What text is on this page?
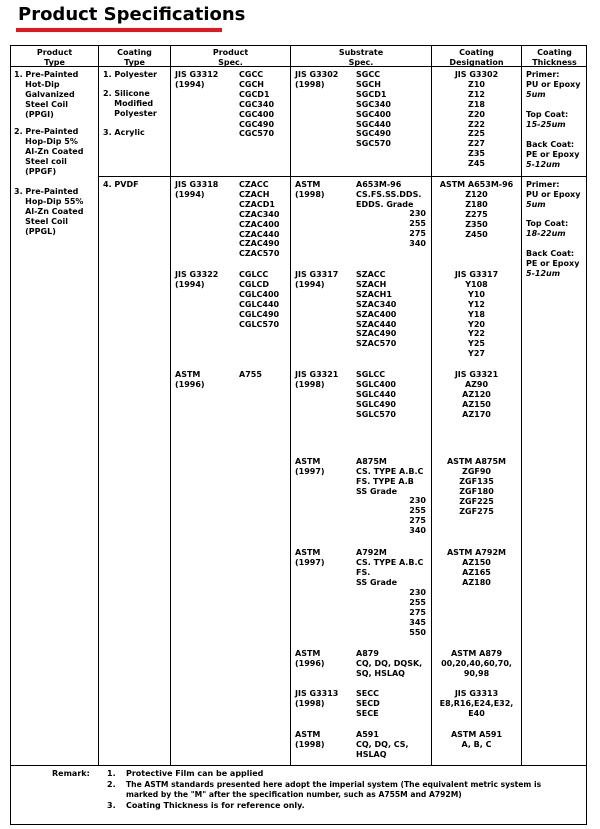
Product Specifications
Product
Type
Coating
Type
Product
Spec.
Substrate
Spec.
Coating
Designation
Coating
Thickness
1. Pre-Painted
Hot-Dip
Galvanized
Steel Coil
(PPGI)
2. Pre-Painted
Hop-Dip 5%
Al-Zn Coated
Steel coil
(PPGF)
3. Pre-Painted
Hop-Dip 55%
Al-Zn Coated
Steel Coil
(PPGL)
1. Polyester
2. Silicone
Modified
Polyester
3. Acrylic
4. PVDF
JIS G3312
(1994)
CGCC
CGCH
CGCD1
CGC340
CGC400
CGC490
CGC570
JIS G3318
(1994)
CZACC
CZACH
CZACD1
CZAC340
CZAC400
CZAC440
CZAC490
CZAC570
JIS G3322
(1994)
CGLCC
CGLCD
CGLC400
CGLC440
CGLC490
CGLC570
ASTM
(1996)
A755
JIS G3302
(1998)
SGCC
SGCH
SGCD1
SGC340
SGC400
SGC440
SGC490
SGC570
ASTM
(1998)
A653M-96
CS.FS.SS.DDS.
EDDS. Grade
230
255
275
340
JIS G3317
(1994)
SZACC
SZACH
SZACH1
SZAC340
SZAC400
SZAC440
SZAC490
SZAC570
JIS G3321
(1998)
SGLCC
SGLC400
SGLC440
SGLC490
SGLC570
ASTM
(1997)
A875M
CS. TYPE A.B.C
FS. TYPE A.B
SS Grade
230
255
275
340
ASTM
(1997)
A792M
CS. TYPE A.B.C
FS.
SS Grade
230
255
275
345
550
ASTM
(1996)
A879
CQ, DQ, DQSK,
SQ, HSLAQ
JIS G3313
(1998)
SECC
SECD
SECE
ASTM
(1998)
A591
CQ, DQ, CS,
HSLAQ
JIS G3302
Z10
Z12
Z18
Z20
Z22
Z25
Z27
Z35
Z45
ASTM A653M-96
Z120
Z180
Z275
Z350
Z450
JIS G3317
Y108
Y10
Y12
Y18
Y20
Y22
Y25
Y27
JIS G3321
AZ90
AZ120
AZ150
AZ170
ASTM A875M
ZGF90
ZGF135
ZGF180
ZGF225
ZGF275
ASTM A792M
AZ150
AZ165
AZ180
ASTM A879
00,20,40,60,70,
90,98
JIS G3313
E8,R16,E24,E32,
E40
ASTM A591
A, B, C
Primer:
PU or Epoxy
5um
Top Coat:
15-25um
Back Coat:
PE or Epoxy
5-12um
Primer:
PU or Epoxy
5um
Top Coat:
18-22um
Back Coat:
PE or Epoxy
5-12um
Remark: 1. Protective Film can be applied
2. The ASTM standards presented here adopt the imperial system (The equivalent metric system is
marked by the "M" after the specification number, such as A755M and A792M)
3. Coating Thickness is for reference only.
